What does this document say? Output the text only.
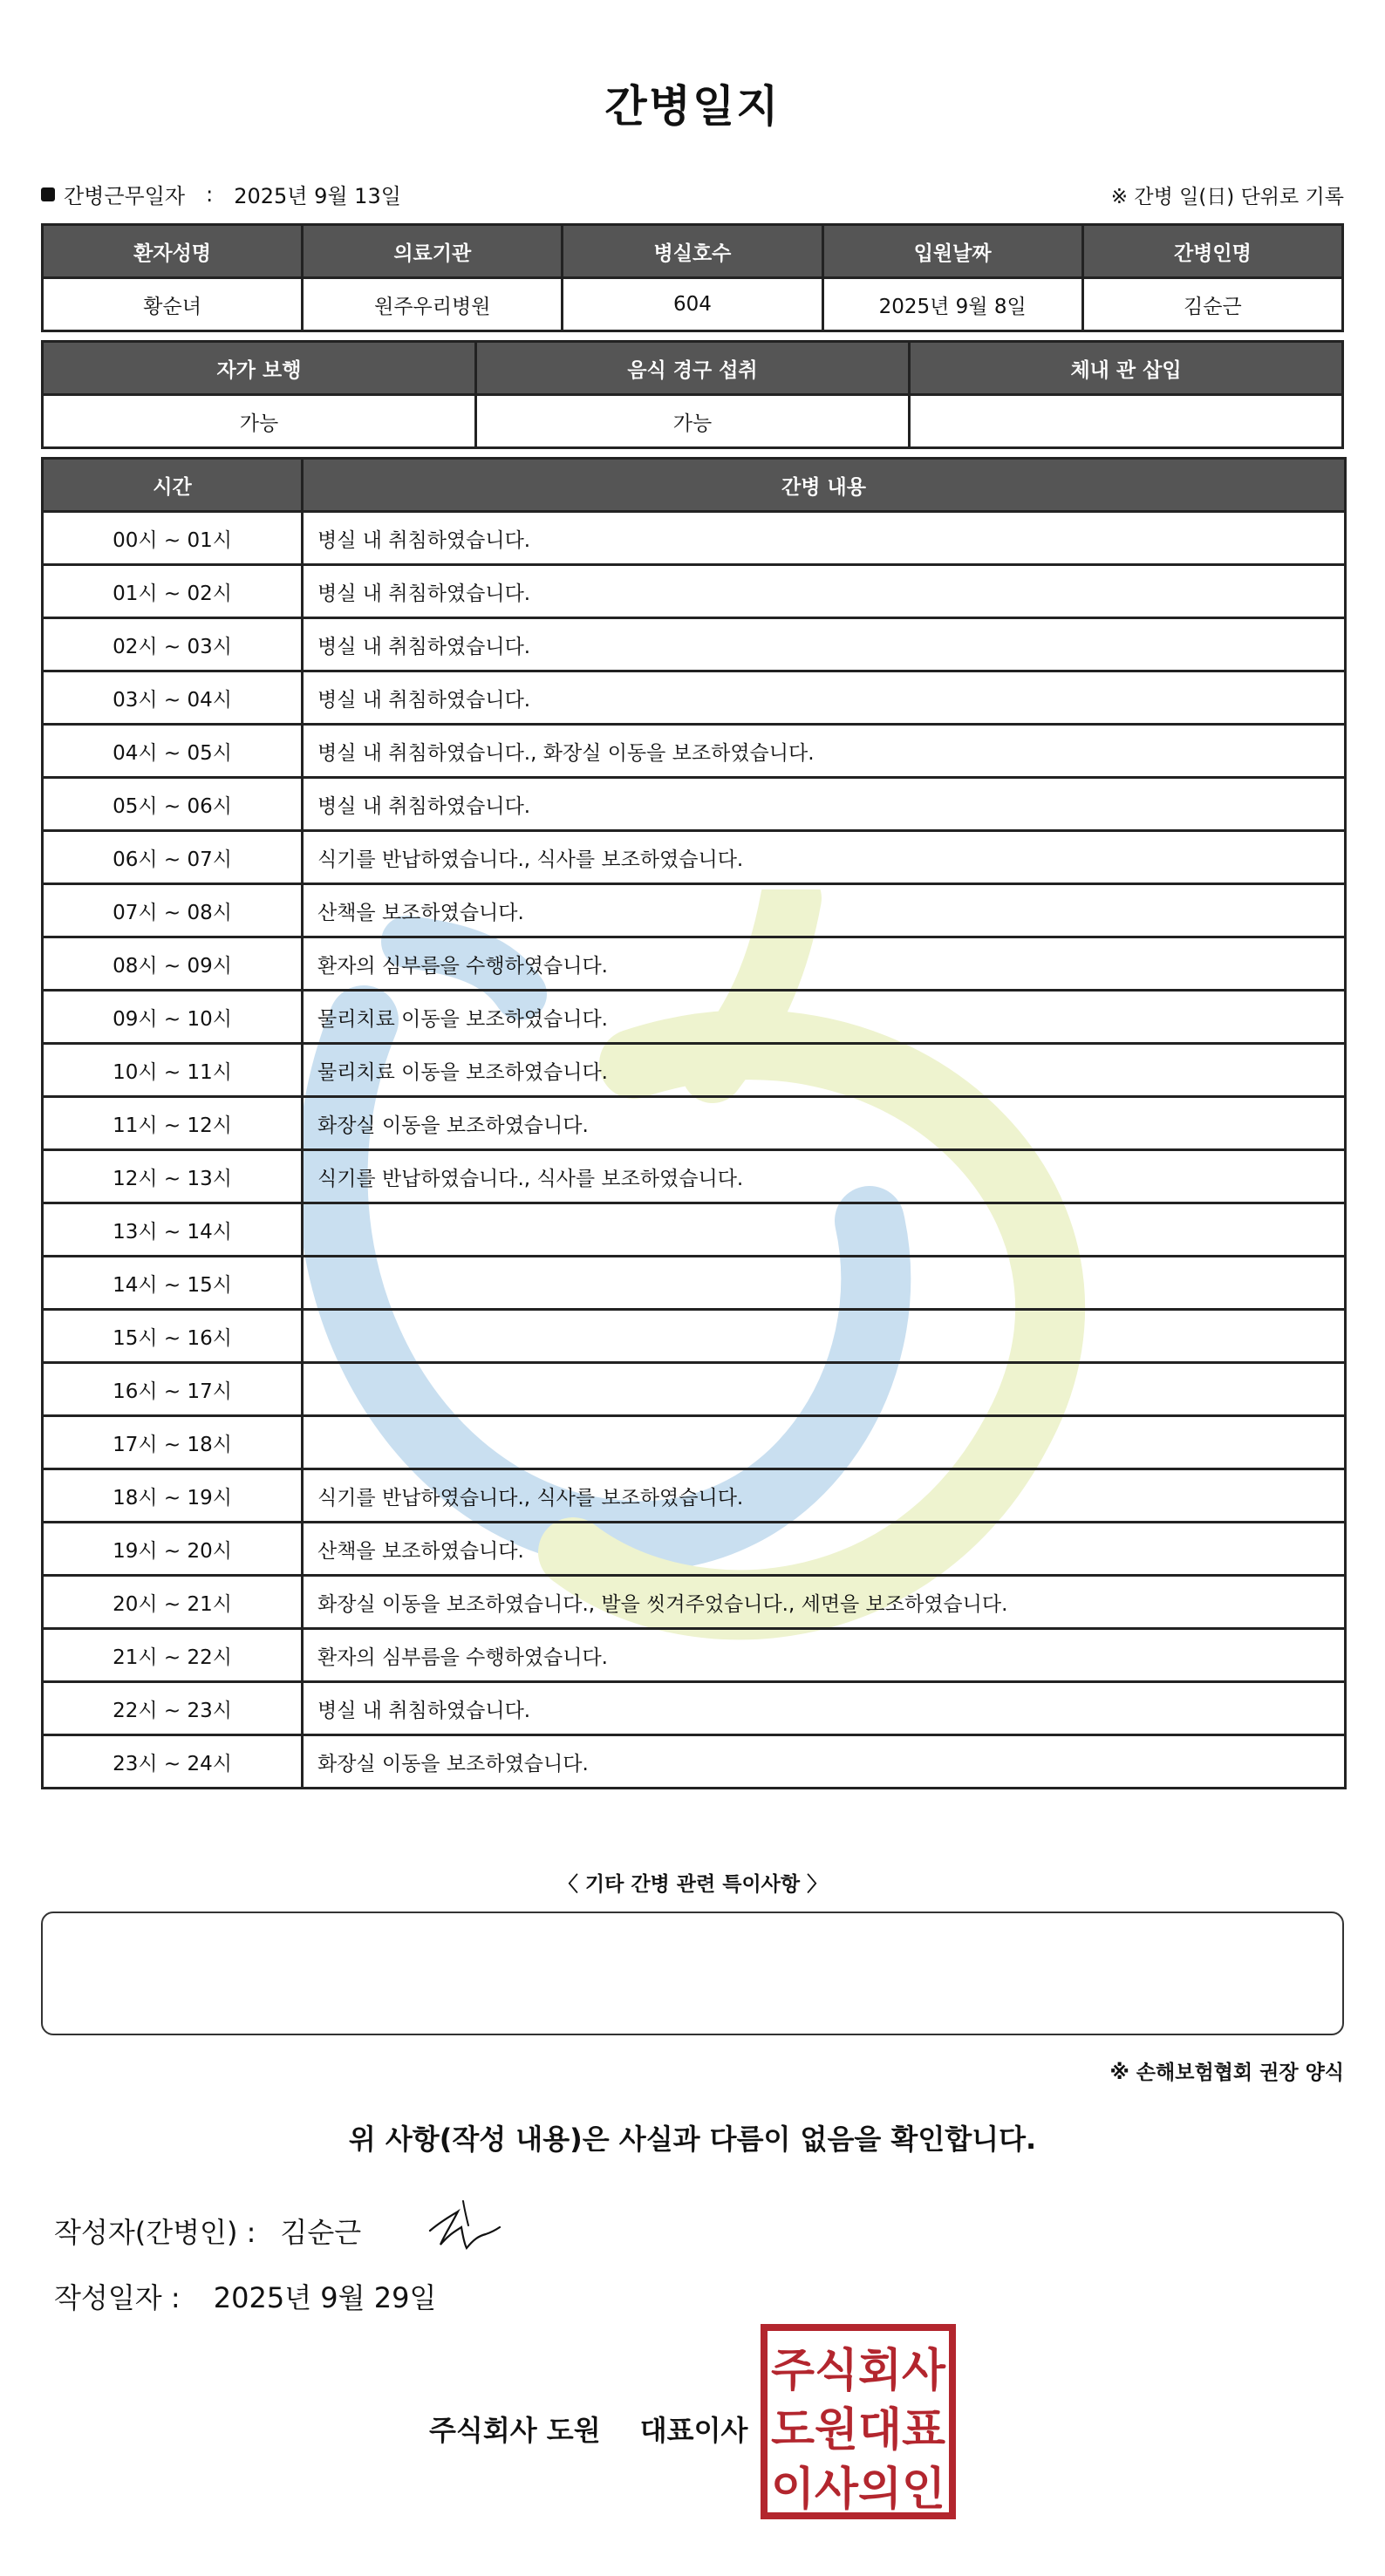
간병일지
간병근무일자 : 2025년 9월 13일	※ 간병 일(日) 단위로 기록
환자성명	의료기관	병실호수	입원날짜	간병인명
황순녀	원주우리병원	604	2025년 9월 8일	김순근
자가 보행	음식 경구 섭취	체내 관 삽입
가능	가능	
시간	간병 내용
00시 ~ 01시	병실 내 취침하였습니다.
01시 ~ 02시	병실 내 취침하였습니다.
02시 ~ 03시	병실 내 취침하였습니다.
03시 ~ 04시	병실 내 취침하였습니다.
04시 ~ 05시	병실 내 취침하였습니다., 화장실 이동을 보조하였습니다.
05시 ~ 06시	병실 내 취침하였습니다.
06시 ~ 07시	식기를 반납하였습니다., 식사를 보조하였습니다.
07시 ~ 08시	산책을 보조하였습니다.
08시 ~ 09시	환자의 심부름을 수행하였습니다.
09시 ~ 10시	물리치료 이동을 보조하였습니다.
10시 ~ 11시	물리치료 이동을 보조하였습니다.
11시 ~ 12시	화장실 이동을 보조하였습니다.
12시 ~ 13시	식기를 반납하였습니다., 식사를 보조하였습니다.
13시 ~ 14시	
14시 ~ 15시	
15시 ~ 16시	
16시 ~ 17시	
17시 ~ 18시	
18시 ~ 19시	식기를 반납하였습니다., 식사를 보조하였습니다.
19시 ~ 20시	산책을 보조하였습니다.
20시 ~ 21시	화장실 이동을 보조하였습니다., 발을 씻겨주었습니다., 세면을 보조하였습니다.
21시 ~ 22시	환자의 심부름을 수행하였습니다.
22시 ~ 23시	병실 내 취침하였습니다.
23시 ~ 24시	화장실 이동을 보조하였습니다.
〈 기타 간병 관련 특이사항 〉
※ 손해보험협회 권장 양식
위 사항(작성 내용)은 사실과 다름이 없음을 확인합니다.
작성자(간병인) : 김순근
작성일자 : 2025년 9월 29일
주식회사 도원 대표이사
주식회사
도원대표
이사의인
